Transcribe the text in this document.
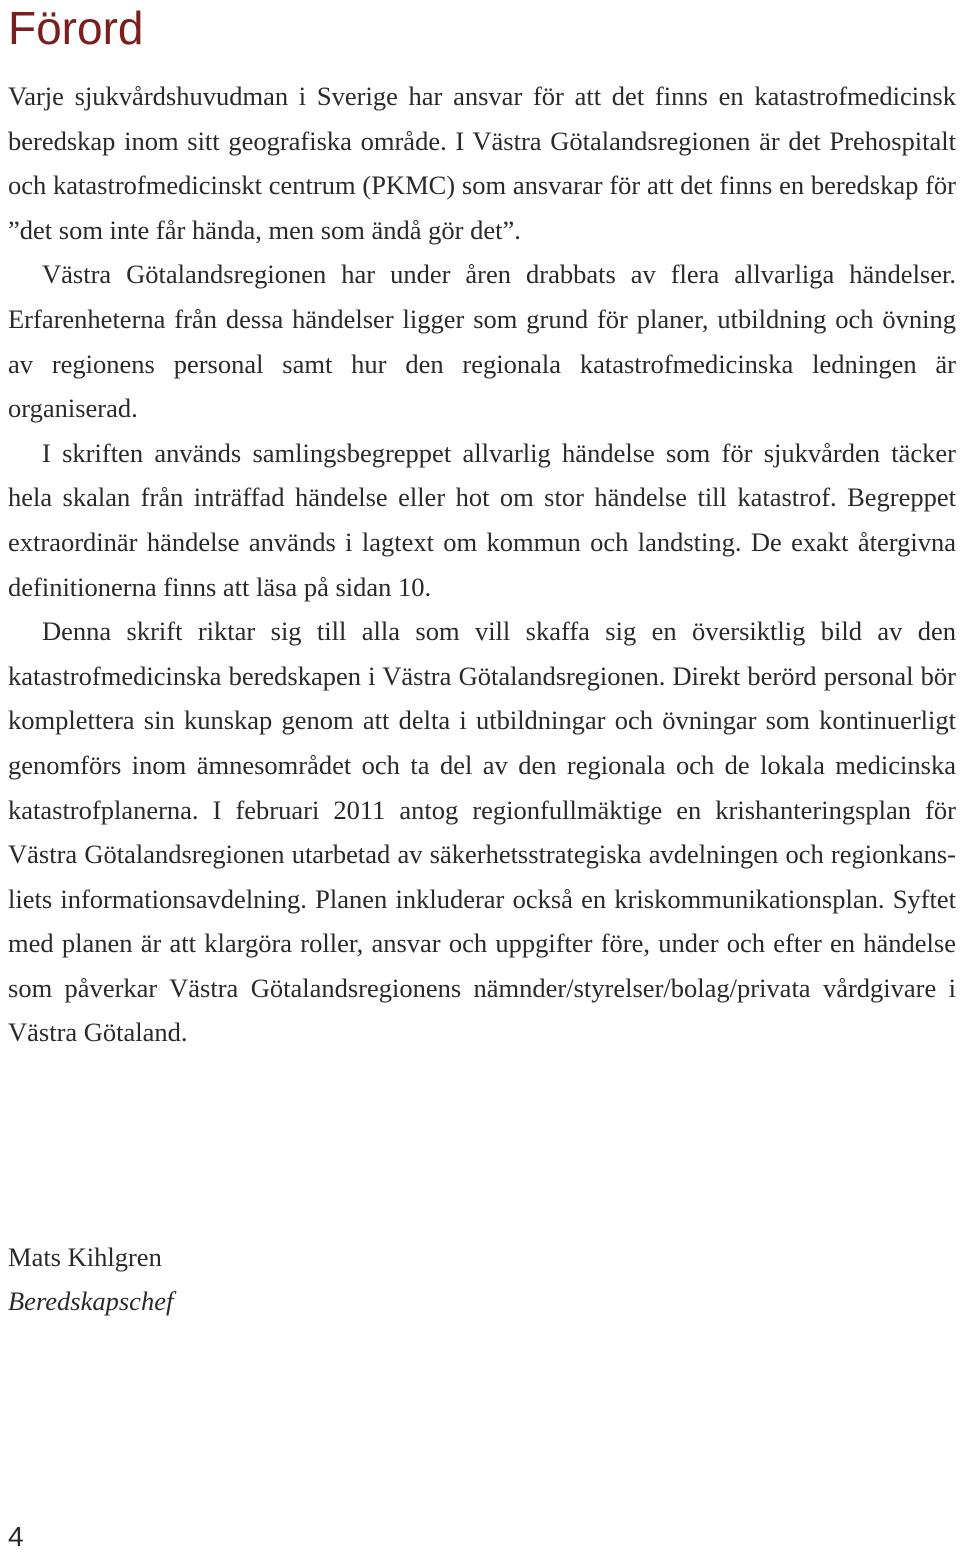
Förord

Varje sjukvårdshuvudman i Sverige har ansvar för att det finns en katastrofmedicinsk beredskap inom sitt geografiska område. I Västra Götalandsregionen är det Prehospitalt och katastrofmedicinskt centrum (PKMC) som ansvarar för att det finns en beredskap för ”det som inte får hända, men som ändå gör det”.

Västra Götalandsregionen har under åren drabbats av flera allvarliga händelser. Erfarenheterna från dessa händelser ligger som grund för planer, utbildning och övning av regionens personal samt hur den regionala katastrofmedicinska ledningen är organiserad.

I skriften används samlingsbegreppet allvarlig händelse som för sjukvården täcker hela skalan från inträffad händelse eller hot om stor händelse till katastrof. Begreppet extraordinär händelse används i lagtext om kommun och landsting. De exakt återgivna definitionerna finns att läsa på sidan 10.

Denna skrift riktar sig till alla som vill skaffa sig en översiktlig bild av den katastrofmedicinska beredskapen i Västra Götalandsregionen. Direkt berörd personal bör komplettera sin kunskap genom att delta i utbildningar och övningar som kontinuerligt genomförs inom ämnesområdet och ta del av den regionala och de lokala medicinska katastrofplanerna. I februari 2011 antog regionfullmäktige en krishanteringsplan för Västra Götalandsregionen utarbetad av säkerhetsstrategiska avdelningen och regionkansliets informationsavdelning. Planen inkluderar också en kriskommunikationsplan. Syftet med planen är att klargöra roller, ansvar och uppgifter före, under och efter en händelse som påverkar Västra Götalandsregionens nämnder/styrelser/bolag/privata vårdgivare i Västra Götaland.

Mats Kihlgren
Beredskapschef
4
